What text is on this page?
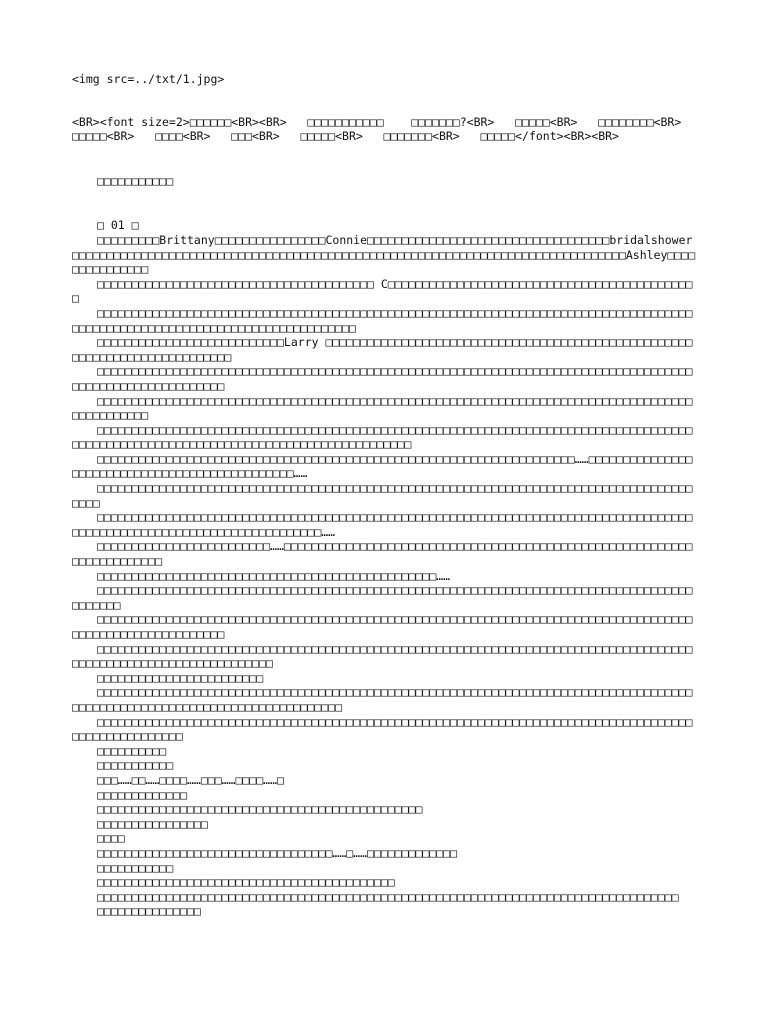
<img src=../txt/1.jpg>

<BR><font size=2>□□□□□□<BR><BR>   □□□□□□□□□□□    □□□□□□□?<BR>   □□□□□<BR>   □□□□□□□□<BR>   □□□□□<BR>   □□□□<BR>   □□□<BR>   □□□□□<BR>   □□□□□□□<BR>   □□□□□</font><BR><BR>

□□□□□□□□□□□

□ 01 □

□□□□□□□□□Brittany□□□□□□□□□□□□□□□□Connie□□□□□□□□□□□□□□□□□□□□□□□□□□□□□□□□□□□bridalshower□□□□□□□□□□□□□□□□□□□□□□□□□□□□□□□□□□□□□□□□□□□□□□□□□□□□□□□□□□□□□□□□□□□□□□□□□□□□□□□□Ashley□□□□□□□□□□□□□□□

□□□□□□□□□□□□□□□□□□□□□□□□□□□□□□□□□□□□□□□□ C□□□□□□□□□□□□□□□□□□□□□□□□□□□□□□□□□□□□□□□□□□□□□

□□□□□□□□□□□□□□□□□□□□□□□□□□□□□□□□□□□□□□□□□□□□□□□□□□□□□□□□□□□□□□□□□□□□□□□□□□□□□□□□□□□□□□□□□□□□□□□□□□□□□□□□□□□□□□□□□□□□□□□□□□□□□□□

□□□□□□□□□□□□□□□□□□□□□□□□□□□Larry □□□□□□□□□□□□□□□□□□□□□□□□□□□□□□□□□□□□□□□□□□□□□□□□□□□□□□□□□□□□□□□□□□□□□□□□□□□□

□□□□□□□□□□□□□□□□□□□□□□□□□□□□□□□□□□□□□□□□□□□□□□□□□□□□□□□□□□□□□□□□□□□□□□□□□□□□□□□□□□□□□□□□□□□□□□□□□□□□□□□□□□□□

□□□□□□□□□□□□□□□□□□□□□□□□□□□□□□□□□□□□□□□□□□□□□□□□□□□□□□□□□□□□□□□□□□□□□□□□□□□□□□□□□□□□□□□□□□□□□□□□□

□□□□□□□□□□□□□□□□□□□□□□□□□□□□□□□□□□□□□□□□□□□□□□□□□□□□□□□□□□□□□□□□□□□□□□□□□□□□□□□□□□□□□□□□□□□□□□□□□□□□□□□□□□□□□□□□□□□□□□□□□□□□□□□□□□□□□□□

□□□□□□□□□□□□□□□□□□□□□□□□□□□□□□□□□□□□□□□□□□□□□□□□□□□□□□□□□□□□□□□□□□□□□……□□□□□□□□□□□□□□□□□□□□□□□□□□□□□□□□□□□□□□□□□□□□□□□……

□□□□□□□□□□□□□□□□□□□□□□□□□□□□□□□□□□□□□□□□□□□□□□□□□□□□□□□□□□□□□□□□□□□□□□□□□□□□□□□□□□□□□□□□□□

□□□□□□□□□□□□□□□□□□□□□□□□□□□□□□□□□□□□□□□□□□□□□□□□□□□□□□□□□□□□□□□□□□□□□□□□□□□□□□□□□□□□□□□□□□□□□□□□□□□□□□□□□□□□□□□□□□□□□□□□□□……

□□□□□□□□□□□□□□□□□□□□□□□□□……□□□□□□□□□□□□□□□□□□□□□□□□□□□□□□□□□□□□□□□□□□□□□□□□□□□□□□□□□□□□□□□□□□□□□□□□

□□□□□□□□□□□□□□□□□□□□□□□□□□□□□□□□□□□□□□□□□□□□□□□□□……

□□□□□□□□□□□□□□□□□□□□□□□□□□□□□□□□□□□□□□□□□□□□□□□□□□□□□□□□□□□□□□□□□□□□□□□□□□□□□□□□□□□□□□□□□□□□□

□□□□□□□□□□□□□□□□□□□□□□□□□□□□□□□□□□□□□□□□□□□□□□□□□□□□□□□□□□□□□□□□□□□□□□□□□□□□□□□□□□□□□□□□□□□□□□□□□□□□□□□□□□□□

□□□□□□□□□□□□□□□□□□□□□□□□□□□□□□□□□□□□□□□□□□□□□□□□□□□□□□□□□□□□□□□□□□□□□□□□□□□□□□□□□□□□□□□□□□□□□□□□□□□□□□□□□□□□□□□□□□□

□□□□□□□□□□□□□□□□□□□□□□□□

□□□□□□□□□□□□□□□□□□□□□□□□□□□□□□□□□□□□□□□□□□□□□□□□□□□□□□□□□□□□□□□□□□□□□□□□□□□□□□□□□□□□□□□□□□□□□□□□□□□□□□□□□□□□□□□□□□□□□□□□□□□□□

□□□□□□□□□□□□□□□□□□□□□□□□□□□□□□□□□□□□□□□□□□□□□□□□□□□□□□□□□□□□□□□□□□□□□□□□□□□□□□□□□□□□□□□□□□□□□□□□□□□□□□

□□□□□□□□□□

□□□□□□□□□□□

□□□……□□……□□□□……□□□……□□□□……□

□□□□□□□□□□□□□

□□□□□□□□□□□□□□□□□□□□□□□□□□□□□□□□□□□□□□□□□□□□□□□

□□□□□□□□□□□□□□□□

□□□□

□□□□□□□□□□□□□□□□□□□□□□□□□□□□□□□□□□……□……□□□□□□□□□□□□□

□□□□□□□□□□□

□□□□□□□□□□□□□□□□□□□□□□□□□□□□□□□□□□□□□□□□□□□

□□□□□□□□□□□□□□□□□□□□□□□□□□□□□□□□□□□□□□□□□□□□□□□□□□□□□□□□□□□□□□□□□□□□□□□□□□□□□□□□□□□□

□□□□□□□□□□□□□□□
